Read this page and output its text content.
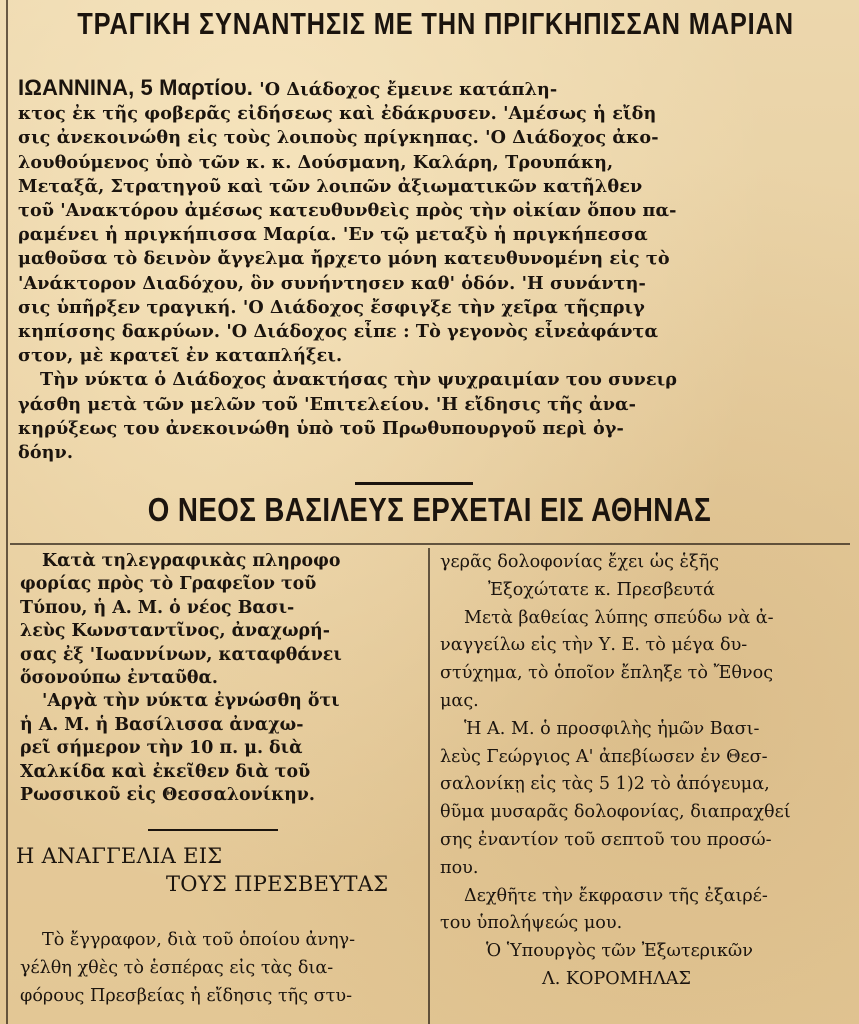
ΤΡΑΓΙΚΗ ΣΥΝΑΝΤΗΣΙΣ ΜΕ ΤΗΝ ΠΡΙΓΚΗΠΙΣΣΑΝ ΜΑΡΙΑΝ
ΙΩΑΝΝΙΝΑ, 5 Μαρτίου. 'Ο Διάδοχος ἔμεινε κατάπλη-
κτος ἐκ τῆς φοβερᾶς εἰδήσεως καὶ ἐδάκρυσεν. 'Αμέσως ἡ εἴδη
σις ἀνεκοινώθη εἰς τοὺς λοιποὺς πρίγκηπας. 'Ο Διάδοχος ἀκο-
λουθούμενος ὑπὸ τῶν κ. κ. Δούσμανη, Καλάρη, Τρουπάκη,
Μεταξᾶ, Στρατηγοῦ καὶ τῶν λοιπῶν ἀξιωματικῶν κατῆλθεν
τοῦ 'Ανακτόρου ἀμέσως κατευθυνθεὶς πρὸς τὴν οἰκίαν ὅπου πα-
ραμένει ἡ πριγκήπισσα Μαρία. 'Εν τῷ μεταξὺ ἡ πριγκήπεσσα
μαθοῦσα τὸ δεινὸν ἄγγελμα ἤρχετο μόνη κατευθυνομένη εἰς τὸ
'Ανάκτορον Διαδόχου, ὃν συνήντησεν καθ' ὁδόν. 'Η συνάντη-
σις ὑπῆρξεν τραγική. 'Ο Διάδοχος ἔσφιγξε τὴν χεῖρα τῆςπριγ
κηπίσσης δακρύων. 'Ο Διάδοχος εἶπε : Τὸ γεγονὸς εἶνεἀφάντα
στον, μὲ κρατεῖ ἐν καταπλήξει.
Τὴν νύκτα ὁ Διάδοχος ἀνακτήσας τὴν ψυχραιμίαν του συνειρ
γάσθη μετὰ τῶν μελῶν τοῦ 'Επιτελείου. 'Η εἴδησις τῆς ἀνα-
κηρύξεως του ἀνεκοινώθη ὑπὸ τοῦ Πρωθυπουργοῦ περὶ ὀγ-
δόην.
Ο ΝΕΟΣ ΒΑΣΙΛΕΥΣ ΕΡΧΕΤΑΙ ΕΙΣ ΑΘΗΝΑΣ
Κατὰ τηλεγραφικὰς πληροφο
φορίας πρὸς τὸ Γραφεῖον τοῦ
Τύπου, ἡ Α. Μ. ὁ νέος Βασι-
λεὺς Κωνσταντῖνος, ἀναχωρή-
σας ἐξ 'Ιωαννίνων, καταφθάνει
ὅσονούπω ἐνταῦθα.
'Αργὰ τὴν νύκτα ἐγνώσθη ὅτι
ἡ Α. Μ. ἡ Βασίλισσα ἀναχω-
ρεῖ σήμερον τὴν 10 π. μ. διὰ
Χαλκίδα καὶ ἐκεῖθεν διὰ τοῦ
Ρωσσικοῦ εἰς Θεσσαλονίκην.
Η ΑΝΑΓΓΕΛΙΑ ΕΙΣ
ΤΟΥΣ ΠΡΕΣΒΕΥΤΑΣ
Τὸ ἔγγραφον, διὰ τοῦ ὁποίου ἀνηγ-
γέλθη χθὲς τὸ ἑσπέρας εἰς τὰς δια-
φόρους Πρεσβείας ἡ εἴδησις τῆς στυ-
γερᾶς δολοφονίας ἔχει ὡς ἑξῆς
Ἐξοχώτατε κ. Πρεσβευτά
Μετὰ βαθείας λύπης σπεύδω νὰ ἀ-
ναγγείλω εἰς τὴν Υ. Ε. τὸ μέγα δυ-
στύχημα, τὸ ὁποῖον ἔπληξε τὸ Ἔθνος
μας.
Ἡ Α. Μ. ὁ προσφιλὴς ἡμῶν Βασι-
λεὺς Γεώργιος Α' ἀπεβίωσεν ἐν Θεσ-
σαλονίκῃ εἰς τὰς 5 1)2 τὸ ἀπόγευμα,
θῦμα μυσαρᾶς δολοφονίας, διαπραχθεί
σης ἐναντίον τοῦ σεπτοῦ του προσώ-
που.
Δεχθῆτε τὴν ἔκφρασιν τῆς ἐξαιρέ-
του ὑπολήψεώς μου.
Ὁ Ὑπουργὸς τῶν Ἐξωτερικῶν
Λ. ΚΟΡΟΜΗΛΑΣ
